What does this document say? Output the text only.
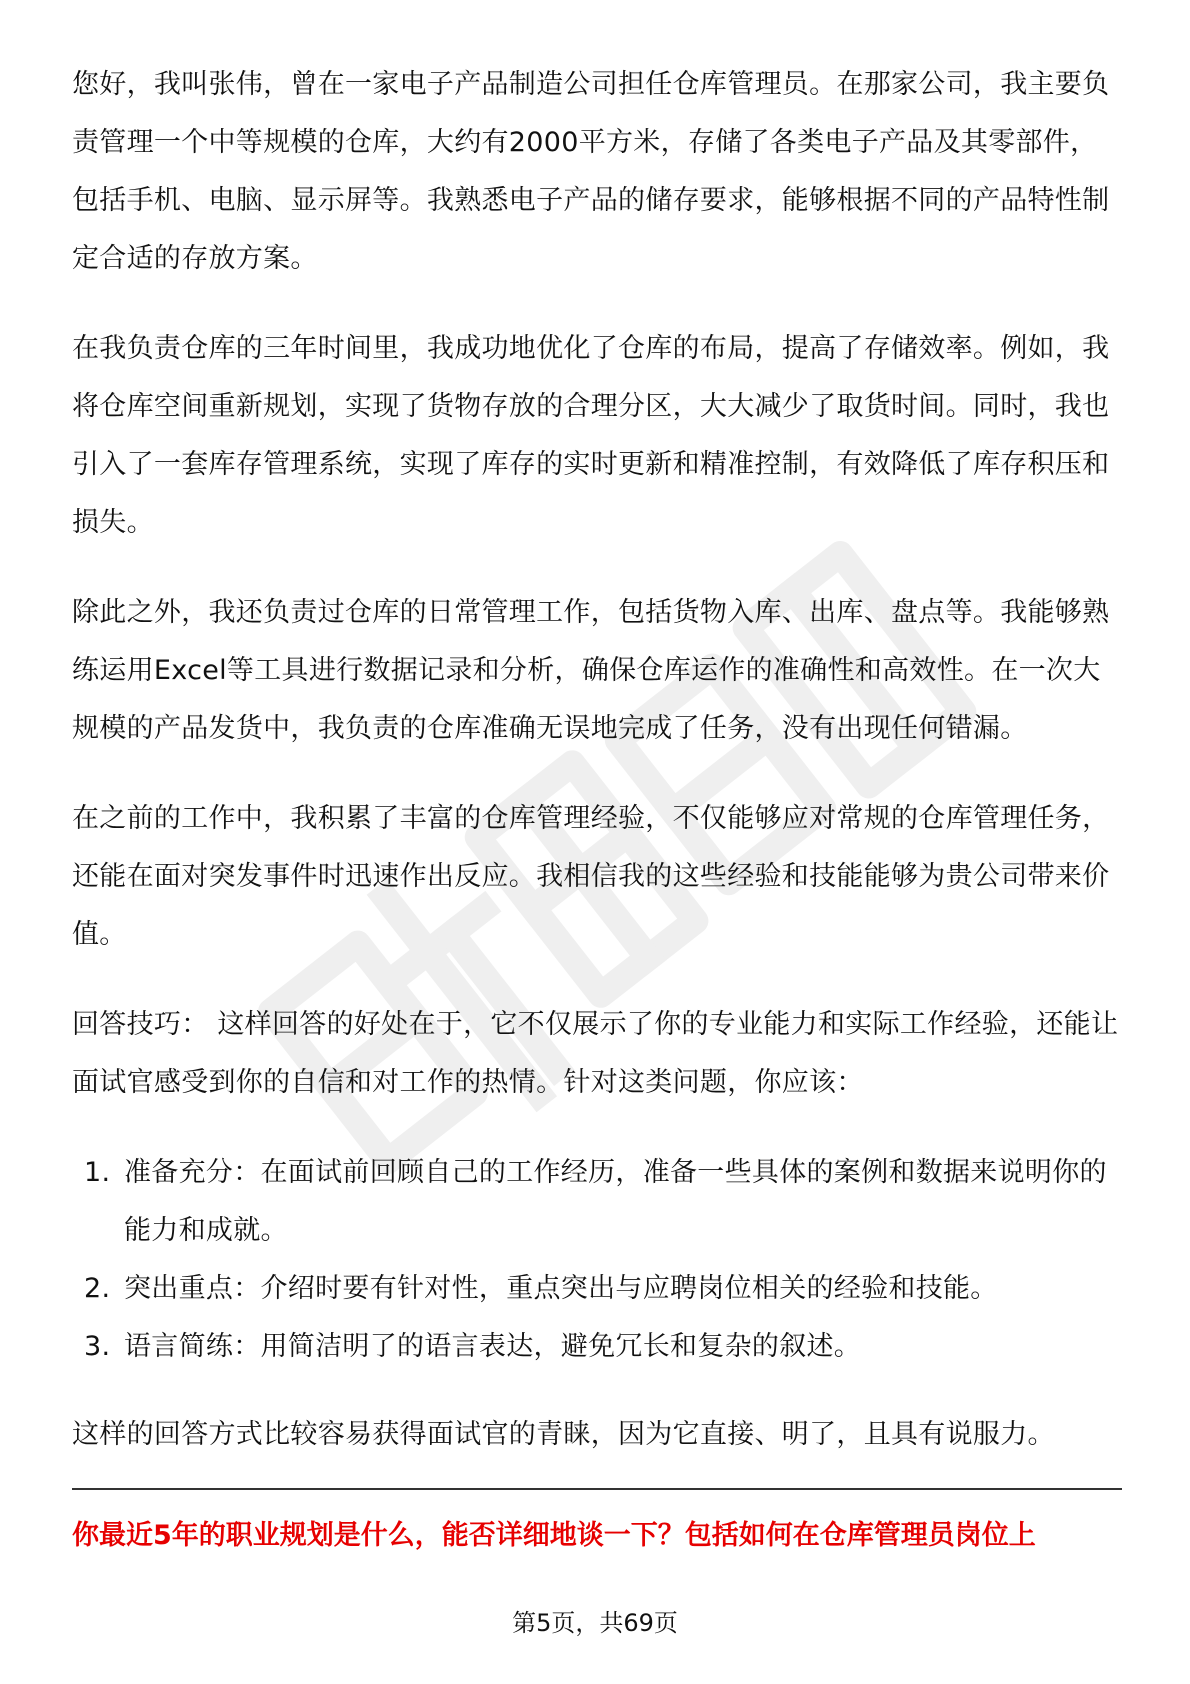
您好，我叫张伟，曾在一家电子产品制造公司担任仓库管理员。在那家公司，我主要负责管理一个中等规模的仓库，大约有2000平方米，存储了各类电子产品及其零部件，包括手机、电脑、显示屏等。我熟悉电子产品的储存要求，能够根据不同的产品特性制定合适的存放方案。

在我负责仓库的三年时间里，我成功地优化了仓库的布局，提高了存储效率。例如，我将仓库空间重新规划，实现了货物存放的合理分区，大大减少了取货时间。同时，我也引入了一套库存管理系统，实现了库存的实时更新和精准控制，有效降低了库存积压和损失。

除此之外，我还负责过仓库的日常管理工作，包括货物入库、出库、盘点等。我能够熟练运用Excel等工具进行数据记录和分析，确保仓库运作的准确性和高效性。在一次大规模的产品发货中，我负责的仓库准确无误地完成了任务，没有出现任何错漏。

在之前的工作中，我积累了丰富的仓库管理经验，不仅能够应对常规的仓库管理任务，还能在面对突发事件时迅速作出反应。我相信我的这些经验和技能能够为贵公司带来价值。

回答技巧： 这样回答的好处在于，它不仅展示了你的专业能力和实际工作经验，还能让面试官感受到你的自信和对工作的热情。针对这类问题，你应该：

1. 准备充分：在面试前回顾自己的工作经历，准备一些具体的案例和数据来说明你的能力和成就。
2. 突出重点：介绍时要有针对性，重点突出与应聘岗位相关的经验和技能。
3. 语言简练：用简洁明了的语言表达，避免冗长和复杂的叙述。

这样的回答方式比较容易获得面试官的青睐，因为它直接、明了，且具有说服力。

你最近5年的职业规划是什么，能否详细地谈一下？包括如何在仓库管理员岗位上
第5页，共69页
